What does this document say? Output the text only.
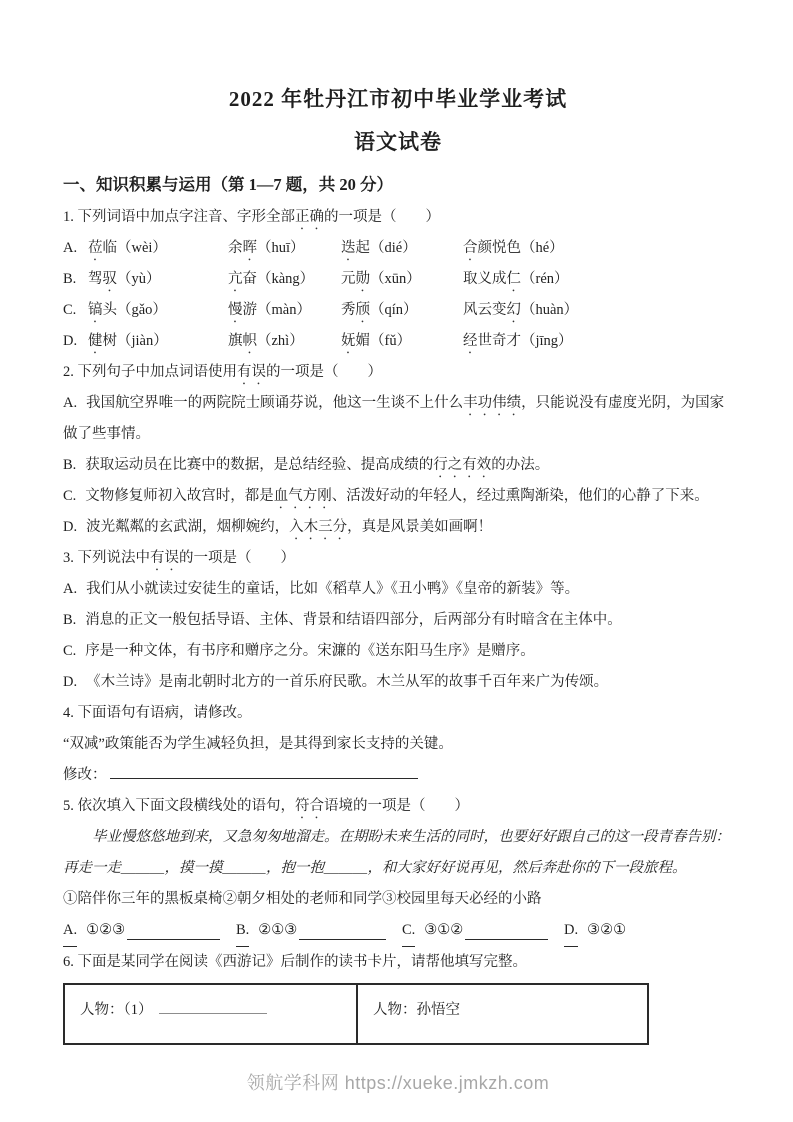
2022 年牡丹江市初中毕业学业考试
语文试卷
一、知识积累与运用（第 1—7 题，共 20 分）

1. 下列词语中加点字注音、字形全部正确的一项是（　　）

A. 莅临（wèi）	余晖（huī）	迭起（dié）	合颜悦色（hé）
B. 驾驭（yù）	亢奋（kàng）	元勋（xūn）	取义成仁（rén）
C. 镐头（gǎo）	慢游（màn）	秀颀（qín）	风云变幻（huàn）
D. 健树（jiàn）	旗帜（zhì）	妩媚（fǔ）	经世奇才（jīng）

2. 下列句子中加点词语使用有误的一项是（　　）

A. 我国航空界唯一的两院院士顾诵芬说，他这一生谈不上什么丰功伟绩，只能说没有虚度光阴，为国家做了些事情。

B. 获取运动员在比赛中的数据，是总结经验、提高成绩的行之有效的办法。

C. 文物修复师初入故宫时，都是血气方刚、活泼好动的年轻人，经过熏陶渐染，他们的心静了下来。

D. 波光粼粼的玄武湖，烟柳婉约，入木三分，真是风景美如画啊！

3. 下列说法中有误的一项是（　　）

A. 我们从小就读过安徒生的童话，比如《稻草人》《丑小鸭》《皇帝的新装》等。

B. 消息的正文一般包括导语、主体、背景和结语四部分，后两部分有时暗含在主体中。

C. 序是一种文体，有书序和赠序之分。宋濂的《送东阳马生序》是赠序。

D. 《木兰诗》是南北朝时北方的一首乐府民歌。木兰从军的故事千百年来广为传颂。

4. 下面语句有语病，请修改。

“双减”政策能否为学生减轻负担，是其得到家长支持的关键。

修改：

5. 依次填入下面文段横线处的语句，符合语境的一项是（　　）

毕业慢悠悠地到来，又急匆匆地溜走。在期盼未来生活的同时，也要好好跟自己的这一段青春告别：再走一走＿＿＿，摸一摸＿＿＿，抱一抱＿＿＿，和大家好好说再见，然后奔赴你的下一段旅程。

①陪伴你三年的黑板桌椅②朝夕相处的老师和同学③校园里每天必经的小路

A. ①②③	B. ②①③	C. ③①②	D. ③②①

6. 下面是某同学在阅读《西游记》后制作的读书卡片，请帮他填写完整。

人物：（1）	人物：孙悟空
领航学科网 https://xueke.jmkzh.com
